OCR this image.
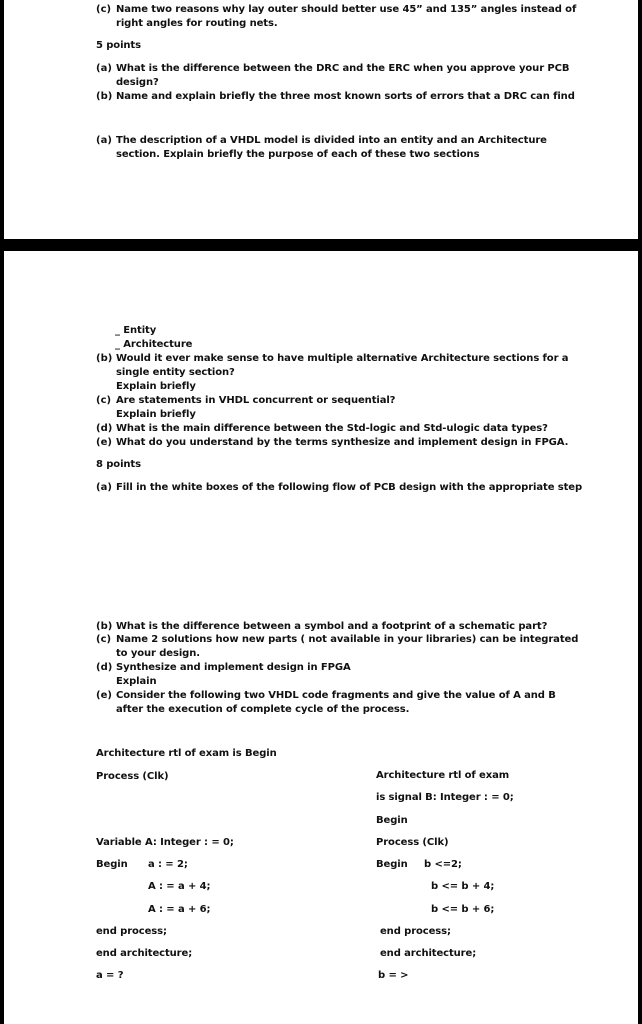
(c) Name two reasons why lay outer should better use 45” and 135” angles instead of
right angles for routing nets.
5 points
(a) What is the difference between the DRC and the ERC when you approve your PCB
design?
(b) Name and explain briefly the three most known sorts of errors that a DRC can find
(a) The description of a VHDL model is divided into an entity and an Architecture
section. Explain briefly the purpose of each of these two sections
_ Entity
_ Architecture
(b) Would it ever make sense to have multiple alternative Architecture sections for a
single entity section?
Explain briefly
(c) Are statements in VHDL concurrent or sequential?
Explain briefly
(d) What is the main difference between the Std-logic and Std-ulogic data types?
(e) What do you understand by the terms synthesize and implement design in FPGA.
8 points
(a) Fill in the white boxes of the following flow of PCB design with the appropriate step
(b) What is the difference between a symbol and a footprint of a schematic part?
(c) Name 2 solutions how new parts ( not available in your libraries) can be integrated
to your design.
(d) Synthesize and implement design in FPGA
Explain
(e) Consider the following two VHDL code fragments and give the value of A and B
after the execution of complete cycle of the process.
Architecture rtl of exam is Begin
Process (Clk)
Variable A: Integer : = 0;
Begin a : = 2;
A : = a + 4;
A : = a + 6;
end process;
end architecture;
a = ?
Architecture rtl of exam
is signal B: Integer : = 0;
Begin
Process (Clk)
Begin b <=2;
b <= b + 4;
b <= b + 6;
end process;
end architecture;
b = >
